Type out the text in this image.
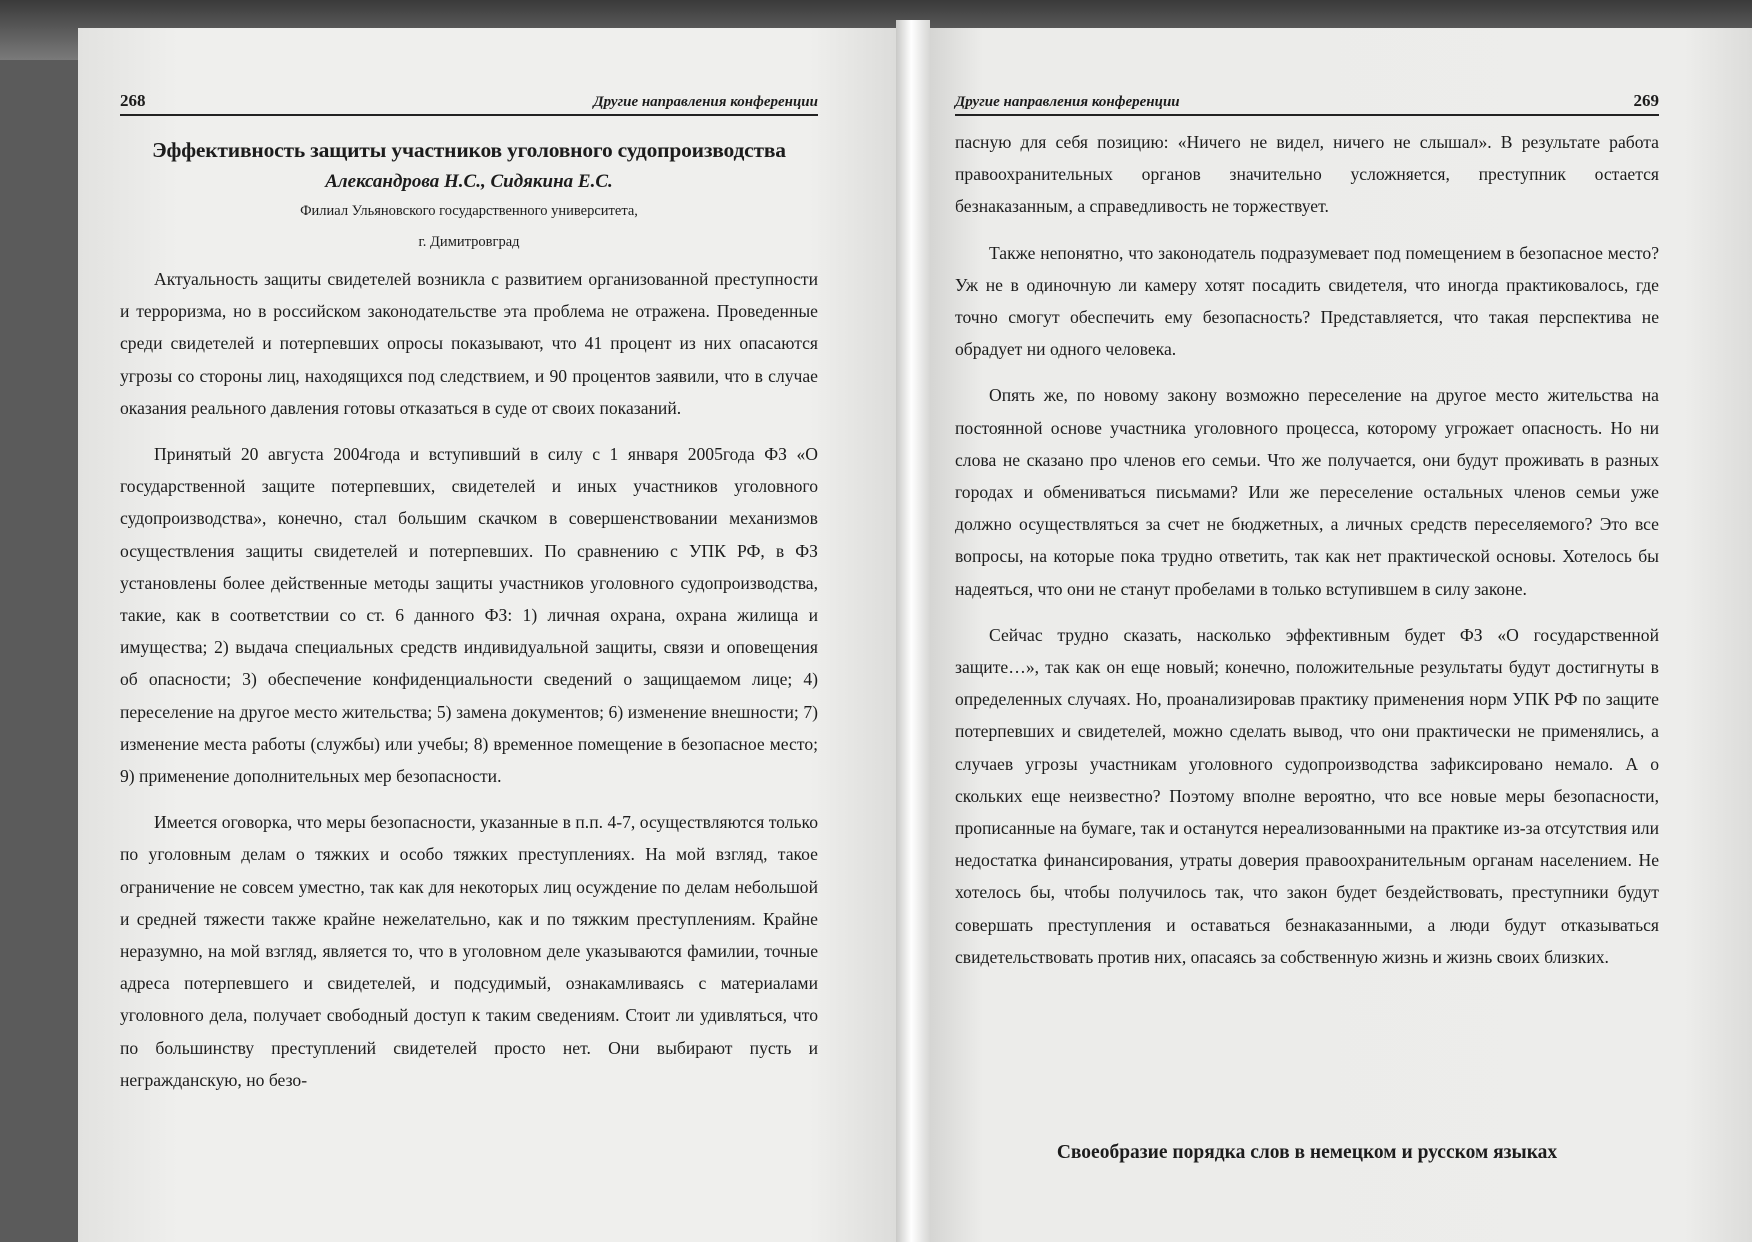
268	Другие направления конференции	Другие направления конференции	269
Эффективность защиты участников уголовного судопроизводства
Александрова Н.С., Сидякина Е.С.
Филиал Ульяновского государственного университета,
г. Димитровград

Актуальность защиты свидетелей возникла с развитием организованной преступности и терроризма, но в российском законодательстве эта проблема не отражена. Проведенные среди свидетелей и потерпевших опросы показывают, что 41 процент из них опасаются угрозы со стороны лиц, находящихся под следствием, и 90 процентов заявили, что в случае оказания реального давления готовы отказаться в суде от своих показаний.

Принятый 20 августа 2004года и вступивший в силу с 1 января 2005года ФЗ «О государственной защите потерпевших, свидетелей и иных участников уголовного судопроизводства», конечно, стал большим скачком в совершенствовании механизмов осуществления защиты свидетелей и потерпевших. По сравнению с УПК РФ, в ФЗ установлены более действенные методы защиты участников уголовного судопроизводства, такие, как в соответствии со ст. 6 данного ФЗ: 1) личная охрана, охрана жилища и имущества; 2) выдача специальных средств индивидуальной защиты, связи и оповещения об опасности; 3) обеспечение конфиденциальности сведений о защищаемом лице; 4) переселение на другое место жительства; 5) замена документов; 6) изменение внешности; 7) изменение места работы (службы) или учебы; 8) временное помещение в безопасное место; 9) применение дополнительных мер безопасности.

Имеется оговорка, что меры безопасности, указанные в п.п. 4-7, осуществляются только по уголовным делам о тяжких и особо тяжких преступлениях. На мой взгляд, такое ограничение не совсем уместно, так как для некоторых лиц осуждение по делам небольшой и средней тяжести также крайне нежелательно, как и по тяжким преступлениям. Крайне неразумно, на мой взгляд, является то, что в уголовном деле указываются фамилии, точные адреса потерпевшего и свидетелей, и подсудимый, ознакамливаясь с материалами уголовного дела, получает свободный доступ к таким сведениям. Стоит ли удивляться, что по большинству преступлений свидетелей просто нет. Они выбирают пусть и негражданскую, но безо-

пасную для себя позицию: «Ничего не видел, ничего не слышал». В результате работа правоохранительных органов значительно усложняется, преступник остается безнаказанным, а справедливость не торжествует.

Также непонятно, что законодатель подразумевает под помещением в безопасное место? Уж не в одиночную ли камеру хотят посадить свидетеля, что иногда практиковалось, где точно смогут обеспечить ему безопасность? Представляется, что такая перспектива не обрадует ни одного человека.

Опять же, по новому закону возможно переселение на другое место жительства на постоянной основе участника уголовного процесса, которому угрожает опасность. Но ни слова не сказано про членов его семьи. Что же получается, они будут проживать в разных городах и обмениваться письмами? Или же переселение остальных членов семьи уже должно осуществляться за счет не бюджетных, а личных средств переселяемого? Это все вопросы, на которые пока трудно ответить, так как нет практической основы. Хотелось бы надеяться, что они не станут пробелами в только вступившем в силу законе.

Сейчас трудно сказать, насколько эффективным будет ФЗ «О государственной защите…», так как он еще новый; конечно, положительные результаты будут достигнуты в определенных случаях. Но, проанализировав практику применения норм УПК РФ по защите потерпевших и свидетелей, можно сделать вывод, что они практически не применялись, а случаев угрозы участникам уголовного судопроизводства зафиксировано немало. А о скольких еще неизвестно? Поэтому вполне вероятно, что все новые меры безопасности, прописанные на бумаге, так и останутся нереализованными на практике из-за отсутствия или недостатка финансирования, утраты доверия правоохранительным органам населением. Не хотелось бы, чтобы получилось так, что закон будет бездействовать, преступники будут совершать преступления и оставаться безнаказанными, а люди будут отказываться свидетельствовать против них, опасаясь за собственную жизнь и жизнь своих близких.

Своеобразие порядка слов в немецком и русском языках
